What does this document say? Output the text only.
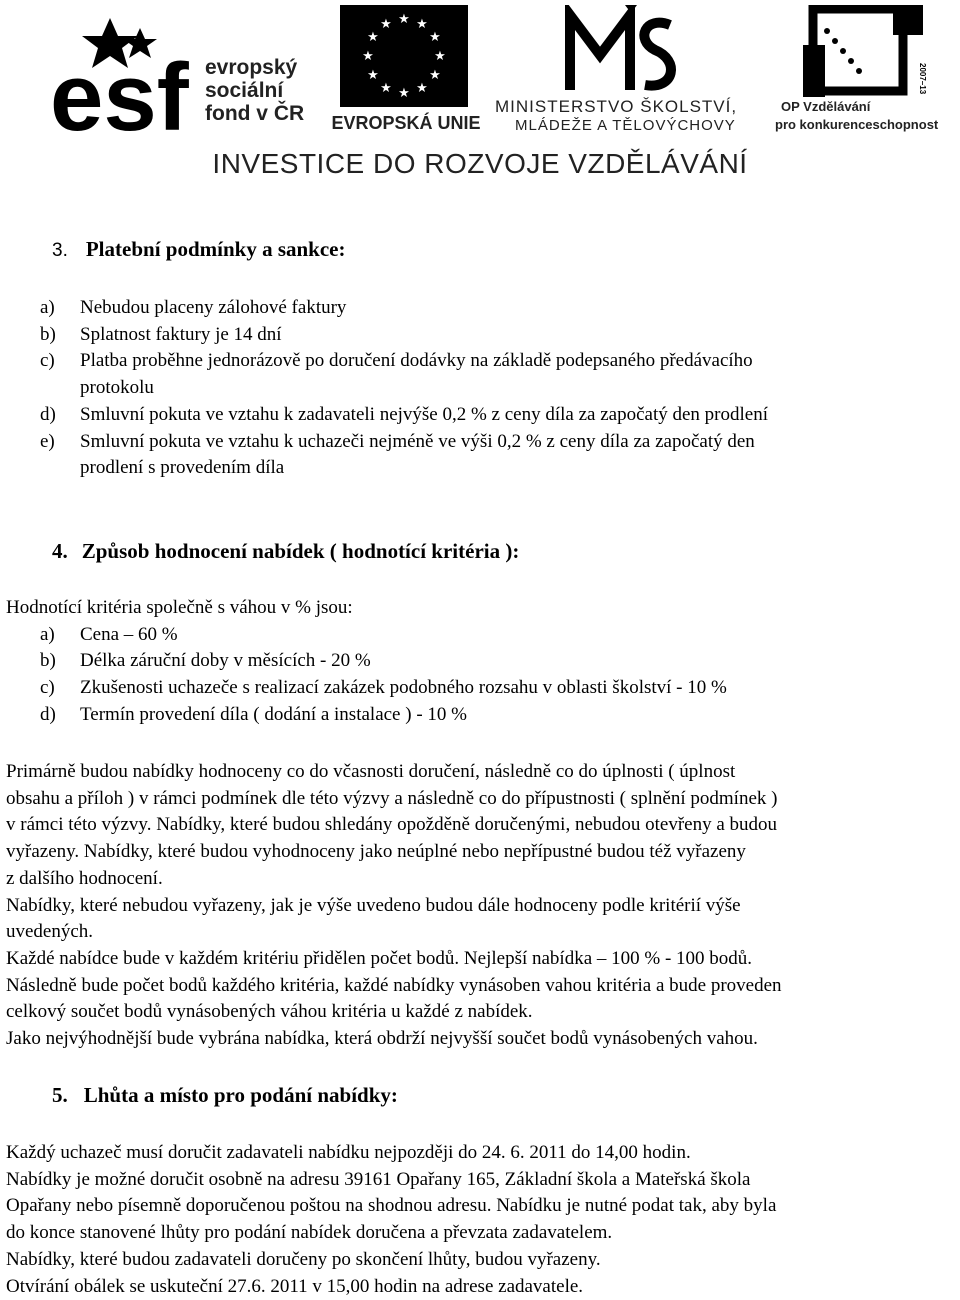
esf evropský
sociální
fond v ČR
★ ★
★
★
★
★
★
★
★
★
★
★
EVROPSKÁ UNIE
MINISTERSTVO ŠKOLSTVÍ,
MLÁDEŽE A TĚLOVÝCHOVY
2007–13
OP Vzdělávání
pro konkurenceschopnost
INVESTICE DO ROZVOJE VZDĚLÁVÁNÍ
3. Platební podmínky a sankce:
a) Nebudou placeny zálohové faktury
b) Splatnost faktury je 14 dní
c) Platba proběhne jednorázově po doručení dodávky na základě podepsaného předávacího
protokolu
d) Smluvní pokuta ve vztahu k zadavateli nejvýše 0,2 % z ceny díla za započatý den prodlení
e) Smluvní pokuta ve vztahu k uchazeči nejméně ve výši 0,2 % z ceny díla za započatý den
prodlení s provedením díla
4. Způsob hodnocení nabídek ( hodnotící kritéria ):

Hodnotící kritéria společně s váhou v % jsou:

a) Cena – 60 %
b) Délka záruční doby v měsících - 20 %
c) Zkušenosti uchazeče s realizací zakázek podobného rozsahu v oblasti školství - 10 %
d) Termín provedení díla ( dodání a instalace ) - 10 %
Primárně budou nabídky hodnoceny co do včasnosti doručení, následně co do úplnosti ( úplnost
obsahu a příloh ) v rámci podmínek dle této výzvy a následně co do přípustnosti ( splnění podmínek )
v rámci této výzvy. Nabídky, které budou shledány opožděně doručenými, nebudou otevřeny a budou
vyřazeny. Nabídky, které budou vyhodnoceny jako neúplné nebo nepřípustné budou též vyřazeny
z dalšího hodnocení.
Nabídky, které nebudou vyřazeny, jak je výše uvedeno budou dále hodnoceny podle kritérií výše
uvedených.
Každé nabídce bude v každém kritériu přidělen počet bodů. Nejlepší nabídka – 100 % - 100 bodů.
Následně bude počet bodů každého kritéria, každé nabídky vynásoben vahou kritéria a bude proveden
celkový součet bodů vynásobených váhou kritéria u každé z nabídek.
Jako nejvýhodnější bude vybrána nabídka, která obdrží nejvyšší součet bodů vynásobených vahou.
5. Lhůta a místo pro podání nabídky:
Každý uchazeč musí doručit zadavateli nabídku nejpozději do 24. 6. 2011 do 14,00 hodin.
Nabídky je možné doručit osobně na adresu 39161 Opařany 165, Základní škola a Mateřská škola
Opařany nebo písemně doporučenou poštou na shodnou adresu. Nabídku je nutné podat tak, aby byla
do konce stanovené lhůty pro podání nabídek doručena a převzata zadavatelem.
Nabídky, které budou zadavateli doručeny po skončení lhůty, budou vyřazeny.
Otvírání obálek se uskuteční 27.6. 2011 v 15,00 hodin na adrese zadavatele.
